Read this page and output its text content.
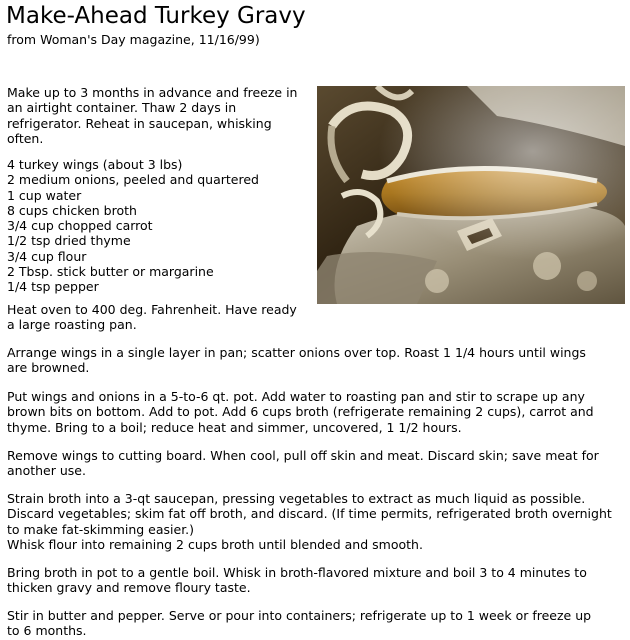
Make-Ahead Turkey Gravy

from Woman's Day magazine, 11/16/99)

Make up to 3 months in advance and freeze in an airtight container. Thaw 2 days in refrigerator. Reheat in saucepan, whisking often.

4 turkey wings (about 3 lbs)
2 medium onions, peeled and quartered
1 cup water
8 cups chicken broth
3/4 cup chopped carrot
1/2 tsp dried thyme
3/4 cup flour
2 Tbsp. stick butter or margarine
1/4 tsp pepper

Heat oven to 400 deg. Fahrenheit. Have ready a large roasting pan.

Arrange wings in a single layer in pan; scatter onions over top. Roast 1 1/4 hours until wings are browned.

Put wings and onions in a 5-to-6 qt. pot. Add water to roasting pan and stir to scrape up any brown bits on bottom. Add to pot. Add 6 cups broth (refrigerate remaining 2 cups), carrot and thyme. Bring to a boil; reduce heat and simmer, uncovered, 1 1/2 hours.

Remove wings to cutting board. When cool, pull off skin and meat. Discard skin; save meat for another use.

Strain broth into a 3-qt saucepan, pressing vegetables to extract as much liquid as possible. Discard vegetables; skim fat off broth, and discard. (If time permits, refrigerated broth overnight to make fat-skimming easier.)
Whisk flour into remaining 2 cups broth until blended and smooth.

Bring broth in pot to a gentle boil. Whisk in broth-flavored mixture and boil 3 to 4 minutes to thicken gravy and remove floury taste.

Stir in butter and pepper. Serve or pour into containers; refrigerate up to 1 week or freeze up to 6 months.
